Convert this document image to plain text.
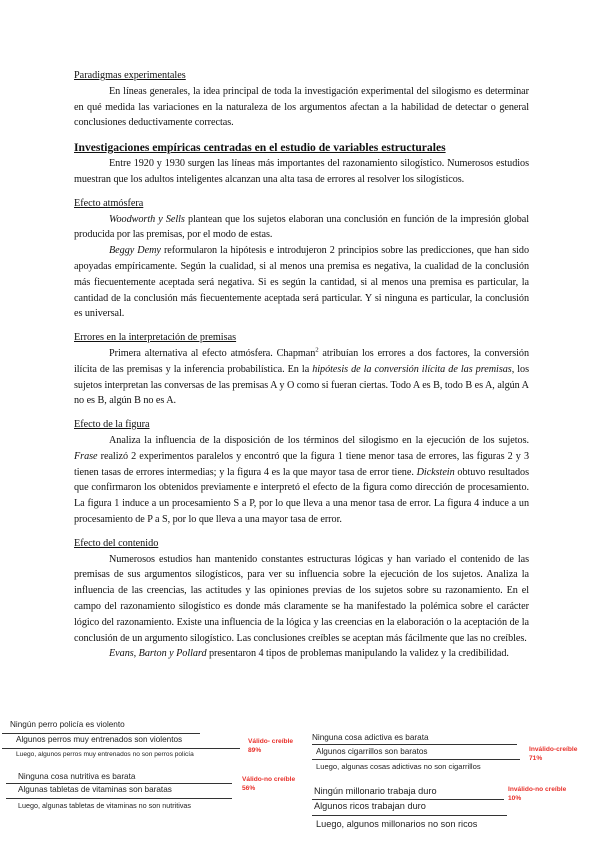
Paradigmas experimentales

En líneas generales, la idea principal de toda la investigación experimental del silogismo es determinar en qué medida las variaciones en la naturaleza de los argumentos afectan a la habilidad de detectar o general conclusiones deductivamente correctas.

Investigaciones empíricas centradas en el estudio de variables estructurales

Entre 1920 y 1930 surgen las líneas más importantes del razonamiento silogístico. Numerosos estudios muestran que los adultos inteligentes alcanzan una alta tasa de errores al resolver los silogísticos.

Efecto atmósfera

Woodworth y Sells plantean que los sujetos elaboran una conclusión en función de la impresión global producida por las premisas, por el modo de estas.

Beggy Demy reformularon la hipótesis e introdujeron 2 principios sobre las predicciones, que han sido apoyadas empíricamente. Según la cualidad, si al menos una premisa es negativa, la cualidad de la conclusión más fiecuentemente aceptada será negativa. Si es según la cantidad, si al menos una premisa es particular, la cantidad de la conclusión más fiecuentemente aceptada será particular. Y si ninguna es particular, la conclusión es universal.

Errores en la interpretación de premisas

Primera alternativa al efecto atmósfera. Chapman$^2$ atribuían los errores a dos factores, la conversión ilícita de las premisas y la inferencia probabilística. En la hipótesis de la conversión ilícita de las premisas, los sujetos interpretan las conversas de las premisas A y O como si fueran ciertas. Todo A es B, todo B es A, algún A no es B, algún B no es A.

Efecto de la figura

Analiza la influencia de la disposición de los términos del silogismo en la ejecución de los sujetos. Frase realizó 2 experimentos paralelos y encontró que la figura 1 tiene menor tasa de errores, las figuras 2 y 3 tienen tasas de errores intermedias; y la figura 4 es la que mayor tasa de error tiene. Dickstein obtuvo resultados que confirmaron los obtenidos previamente e interpretó el efecto de la figura como dirección de procesamiento. La figura 1 induce a un procesamiento S a P, por lo que lleva a una menor tasa de error. La figura 4 induce a un procesamiento de P a S, por lo que lleva a una mayor tasa de error.

Efecto del contenido

Numerosos estudios han mantenido constantes estructuras lógicas y han variado el contenido de las premisas de sus argumentos silogísticos, para ver su influencia sobre la ejecución de los sujetos. Analiza la influencia de las creencias, las actitudes y las opiniones previas de los sujetos sobre su razonamiento. En el campo del razonamiento silogístico es donde más claramente se ha manifestado la polémica sobre el carácter lógico del razonamiento. Existe una influencia de la lógica y las creencias en la elaboración o la aceptación de la conclusión de un argumento silogístico. Las conclusiones creíbles se aceptan más fácilmente que las no creíbles.

Evans, Barton y Pollard presentaron 4 tipos de problemas manipulando la validez y la credibilidad.

Ningún perro policía es violento
Algunos perros muy entrenados son violentos
Luego, algunos perros muy entrenados no son perros policía
Válido- creíble
89%
Ninguna cosa adictiva es barata
Algunos cigarrillos son baratos
Luego, algunas cosas adictivas no son cigarrillos
Inválido-creíble
71%
Ninguna cosa nutritiva es barata
Algunas tabletas de vitaminas son baratas
Luego, algunas tabletas de vitaminas no son nutritivas
Válido-no creíble
56%	Ningún millonario trabaja duro
Algunos ricos trabajan duro
Luego, algunos millonarios no son ricos
Inválido-no creíble
10%
